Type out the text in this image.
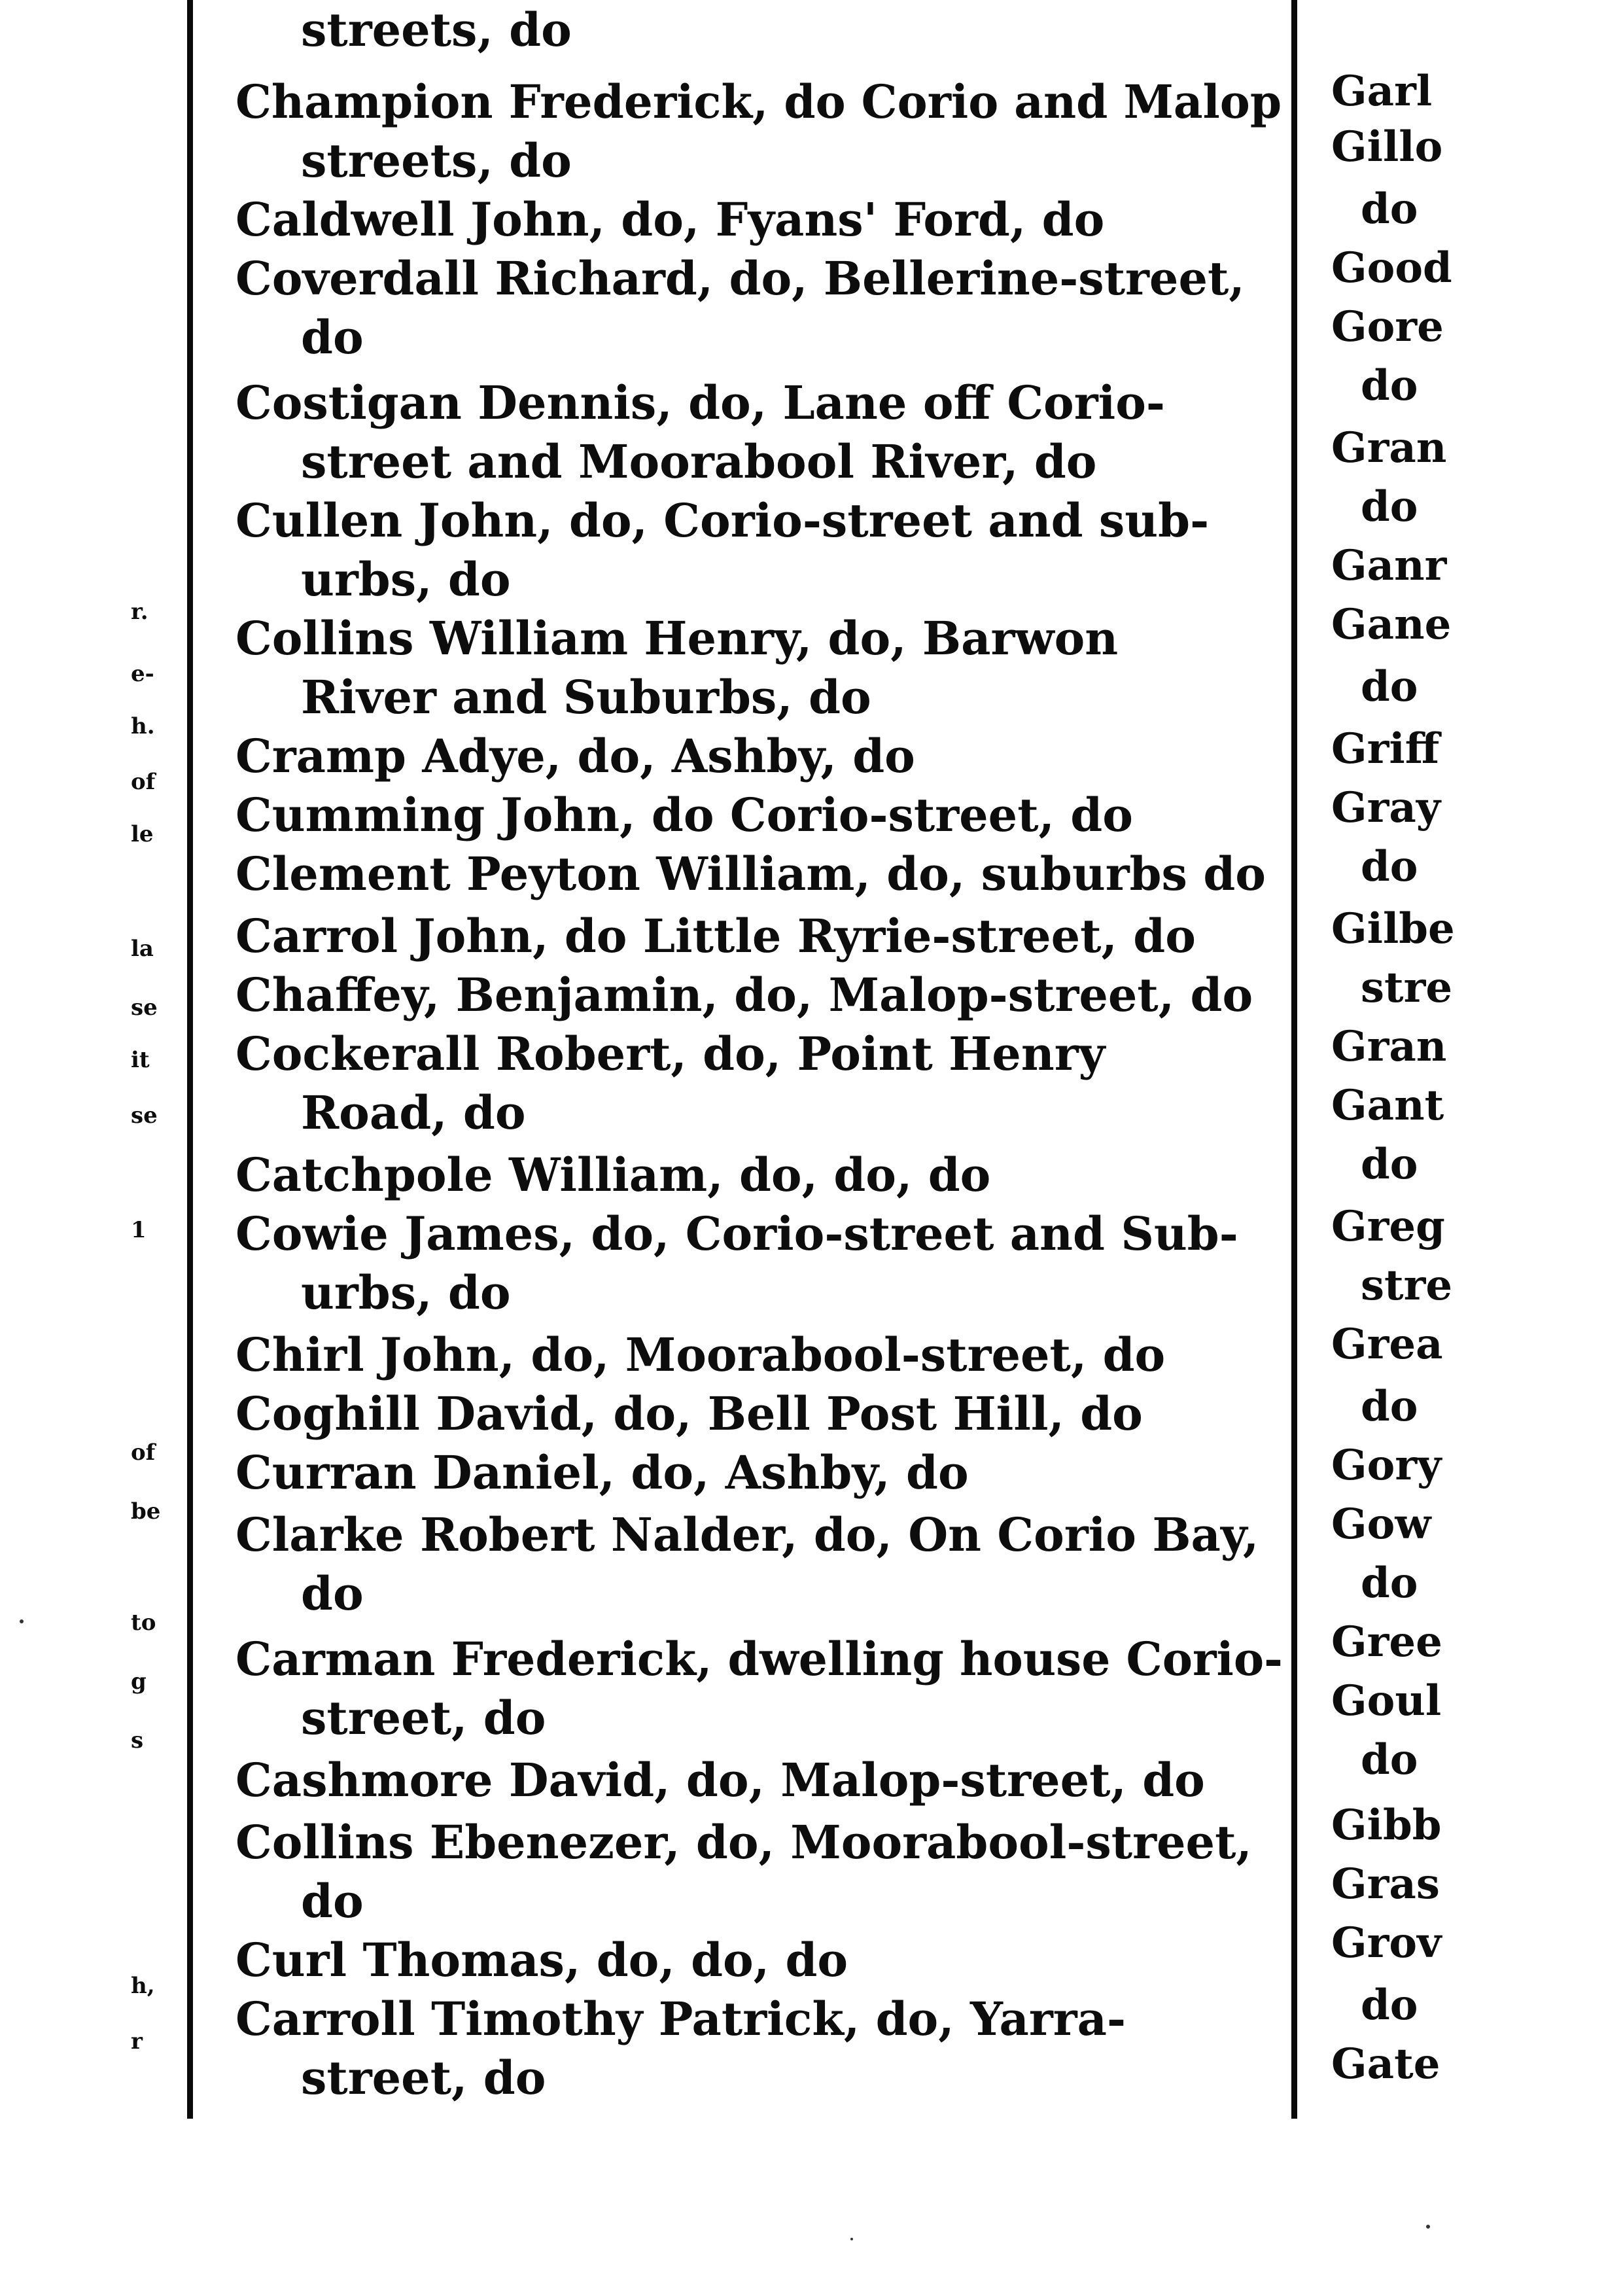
r.
e-
h.
of
le
la
se
it
se
1
of
be
to
g
s
h,
r
streets, do
Champion Frederick, do Corio and Malop
streets, do
Caldwell John, do, Fyans' Ford, do
Coverdall Richard, do, Bellerine-street,
do
Costigan Dennis, do, Lane off Corio-
street and Moorabool River, do
Cullen John, do, Corio-street and sub-
urbs, do
Collins William Henry, do, Barwon
River and Suburbs, do
Cramp Adye, do, Ashby, do
Cumming John, do Corio-street, do
Clement Peyton William, do, suburbs do
Carrol John, do Little Ryrie-street, do
Chaffey, Benjamin, do, Malop-street, do
Cockerall Robert, do, Point Henry
Road, do
Catchpole William, do, do, do
Cowie James, do, Corio-street and Sub-
urbs, do
Chirl John, do, Moorabool-street, do
Coghill David, do, Bell Post Hill, do
Curran Daniel, do, Ashby, do
Clarke Robert Nalder, do, On Corio Bay,
do
Carman Frederick, dwelling house Corio-
street, do
Cashmore David, do, Malop-street, do
Collins Ebenezer, do, Moorabool-street,
do
Curl Thomas, do, do, do
Carroll Timothy Patrick, do, Yarra-
street, do
Garl
Gillo
do
Good
Gore
do
Gran
do
Ganr
Gane
do
Griff
Gray
do
Gilbe
stre
Gran
Gant
do
Greg
stre
Grea
do
Gory
Gow
do
Gree
Goul
do
Gibb
Gras
Grov
do
Gate
